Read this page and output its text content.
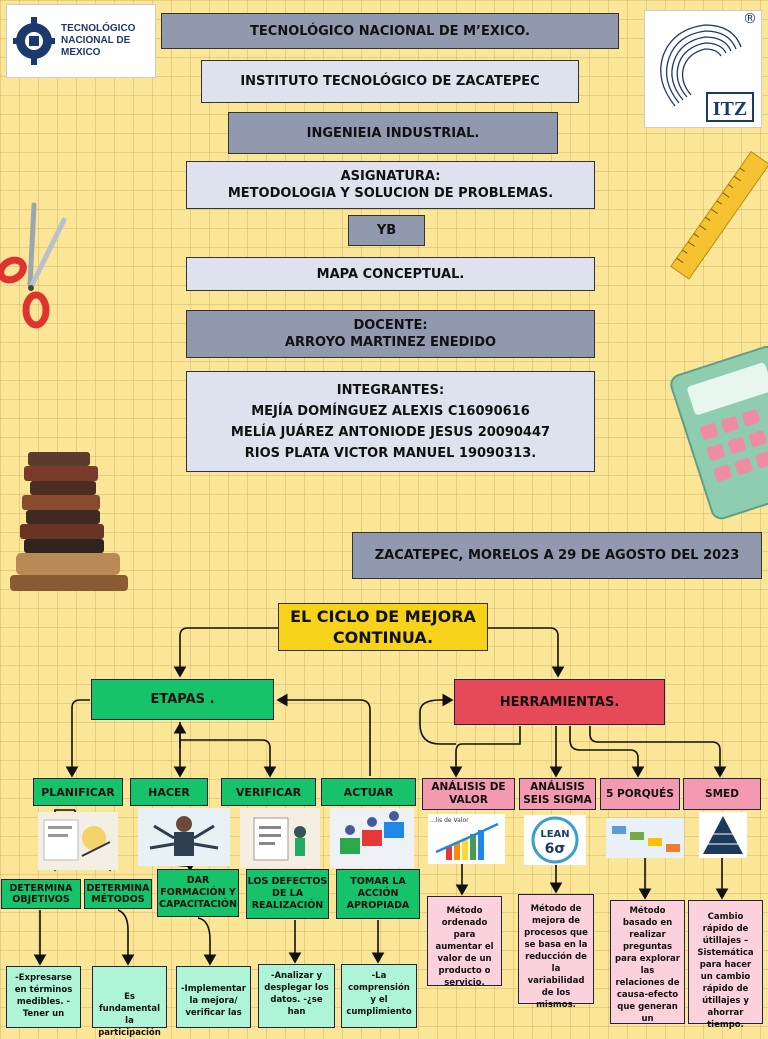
TECNOLÓGICO
NACIONAL DE MEXICO
ITZ
®
TECNOLÓGICO NACIONAL DE M’EXICO.
INSTITUTO TECNOLÓGICO DE ZACATEPEC
INGENIEIA INDUSTRIAL.
ASIGNATURA:
METODOLOGIA Y SOLUCION DE PROBLEMAS.
YB
MAPA CONCEPTUAL.
DOCENTE:
ARROYO MARTINEZ ENEDIDO
INTEGRANTES:
MEJÍA DOMÍNGUEZ ALEXIS C16090616
MELÍA JUÁREZ ANTONIODE JESUS 20090447
RIOS PLATA VICTOR MANUEL 19090313.
ZACATEPEC, MORELOS A 29 DE AGOSTO DEL 2023
EL CICLO DE MEJORA CONTINUA.
ETAPAS .	HERRAMIENTAS.
PLANIFICAR	HACER	VERIFICAR	ACTUAR	ANÁLISIS DE VALOR
ANÁLISIS SEIS SIGMA
5 PORQUÉS	SMED
...lis de Valor
LEAN
6σ
DETERMINA OBJETIVOS
DETERMINA MÉTODOS
DAR FORMACIÓN Y CAPACITACIÓN
LOS DEFECTOS DE LA REALIZACIÓN
TOMAR LA ACCIÓN APROPIADA
-Expresarse en términos medibles. -Tener un
Es fundamental la participación
-Implementar la mejora/ verificar las
-Analizar y desplegar los datos. -¿se han
-La comprensión y el cumplimiento
Método ordenado para aumentar el valor de un producto o servicio.
Método de mejora de procesos que se basa en la reducción de la variabilidad de los mismos.
Método basado en realizar preguntas para explorar las relaciones de causa-efecto que generan un
Cambio rápido de útillajes – Sistemática para hacer un cambio rápido de útillajes y ahorrar tiempo.
